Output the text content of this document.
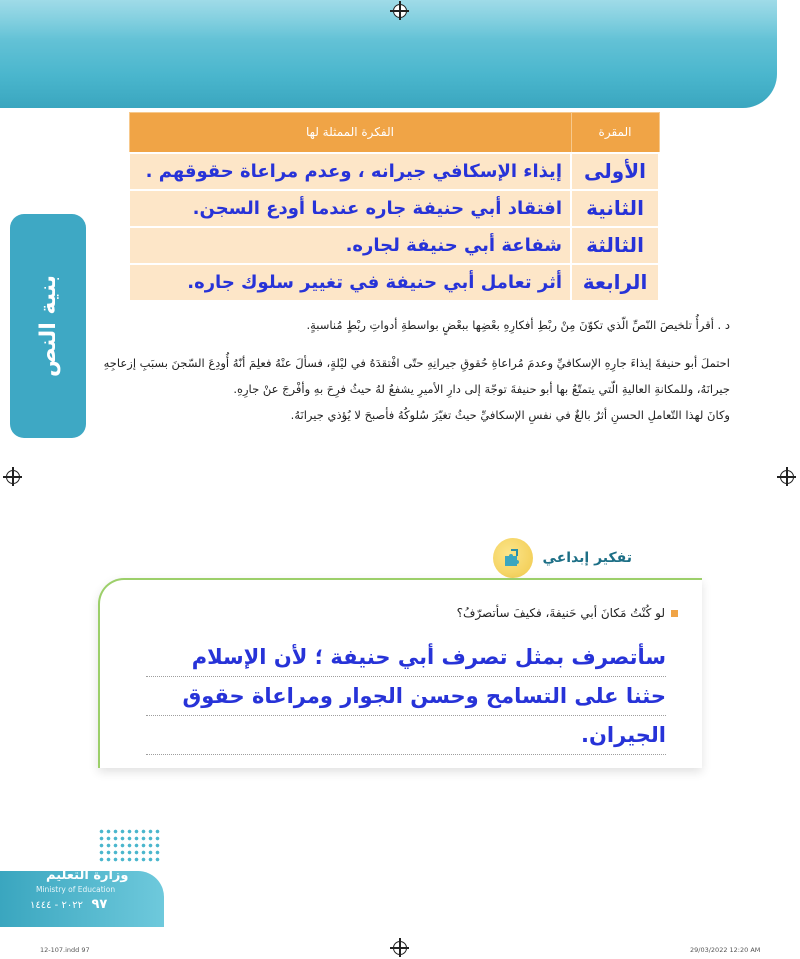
بنية النص
المقرة	الفكرة الممثلة لها
الأولى	إيذاء الإسكافي جيرانه ، وعدم مراعاة حقوقهم .
الثانية	افتقاد أبي حنيفة جاره عندما أودع السجن.
الثالثة	شفاعة أبي حنيفة لجاره.
الرابعة	أثر تعامل أبي حنيفة في تغيير سلوك جاره.
د . أقرأُ تلخيصَ النّصِّ الّذي تكوّنَ مِنْ ربْطِ أفكارِهِ بعْضِها ببعْضٍ بواسطةِ أدواتِ ربْطٍ مُناسبةٍ.

احتملَ أبو حنيفةَ إيذاءَ جارِهِ الإسكافيِّ وعدمَ مُراعاةِ حُقوقِ جيرانِهِ حتّى افْتقدَهُ في ليْلةٍ، فسألَ عنْهُ فعلِمَ أنّهُ أُودِعَ السّجنَ بسبَبِ إزعاجِهِ جيرانَهُ، وللمكانةِ العاليةِ الّتي يتمتّعُ بها أبو حنيفةَ توجّهَ إلى دارِ الأميرِ يشفعُ لهُ حيثُ فرِحَ بهِ وأفْرجَ عنْ جارِهِ.

وكانَ لهذا التّعاملِ الحسنِ أثرٌ بالغٌ في نفسِ الإسكافيِّ حيثُ تغيّرَ سُلوكُهُ فأصبحَ لا يُؤذي جيرانَهُ.

تفكير إبداعي
لو كُنْتُ مَكانَ أبي حَنيفةَ، فكيفَ سأتصرّفُ؟
سأتصرف بمثل تصرف أبي حنيفة ؛ لأن الإسلام
حثنا على التسامح وحسن الجوار ومراعاة حقوق
الجيران.
وزارة التعليم
Ministry of Education
٩٧ ٢٠٢٢ - ١٤٤٤
12-107.indd 97	29/03/2022 12:20 AM
